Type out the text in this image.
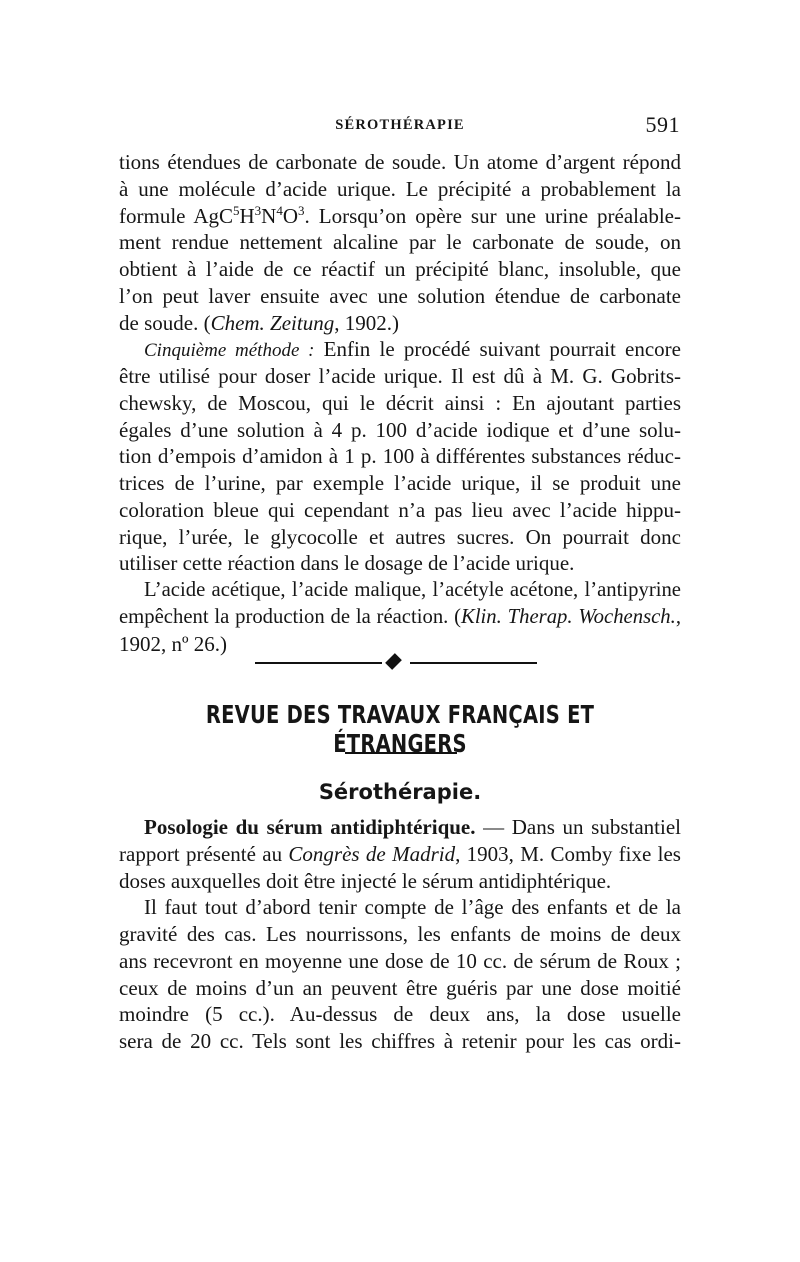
SÉROTHÉRAPIE	591
tions étendues de carbonate de soude. Un atome d’argent répond
à une molécule d’acide urique. Le précipité a probablement la
formule $AgC^5H^3N^4O^3$. Lorsqu’on opère sur une urine préalable-
ment rendue nettement alcaline par le carbonate de soude, on
obtient à l’aide de ce réactif un précipité blanc, insoluble, que
l’on peut laver ensuite avec une solution étendue de carbonate
de soude. (Chem. Zeitung, 1902.)
Cinquième méthode : Enfin le procédé suivant pourrait encore
être utilisé pour doser l’acide urique. Il est dû à M. G. Gobrits-
chewsky, de Moscou, qui le décrit ainsi : En ajoutant parties
égales d’une solution à 4 p. 100 d’acide iodique et d’une solu-
tion d’empois d’amidon à 1 p. 100 à différentes substances réduc-
trices de l’urine, par exemple l’acide urique, il se produit une
coloration bleue qui cependant n’a pas lieu avec l’acide hippu-
rique, l’urée, le glycocolle et autres sucres. On pourrait donc
utiliser cette réaction dans le dosage de l’acide urique.
L’acide acétique, l’acide malique, l’acétyle acétone, l’antipyrine
empêchent la production de la réaction. (Klin. Therap. Wochensch.,
1902, nº 26.)
REVUE DES TRAVAUX FRANÇAIS ET ÉTRANGERS
Sérothérapie.
Posologie du sérum antidiphtérique. — Dans un substantiel
rapport présenté au Congrès de Madrid, 1903, M. Comby fixe les
doses auxquelles doit être injecté le sérum antidiphtérique.
Il faut tout d’abord tenir compte de l’âge des enfants et de la
gravité des cas. Les nourrissons, les enfants de moins de deux
ans recevront en moyenne une dose de 10 cc. de sérum de Roux ;
ceux de moins d’un an peuvent être guéris par une dose moitié
moindre (5 cc.). Au-dessus de deux ans, la dose usuelle
sera de 20 cc. Tels sont les chiffres à retenir pour les cas ordi-
